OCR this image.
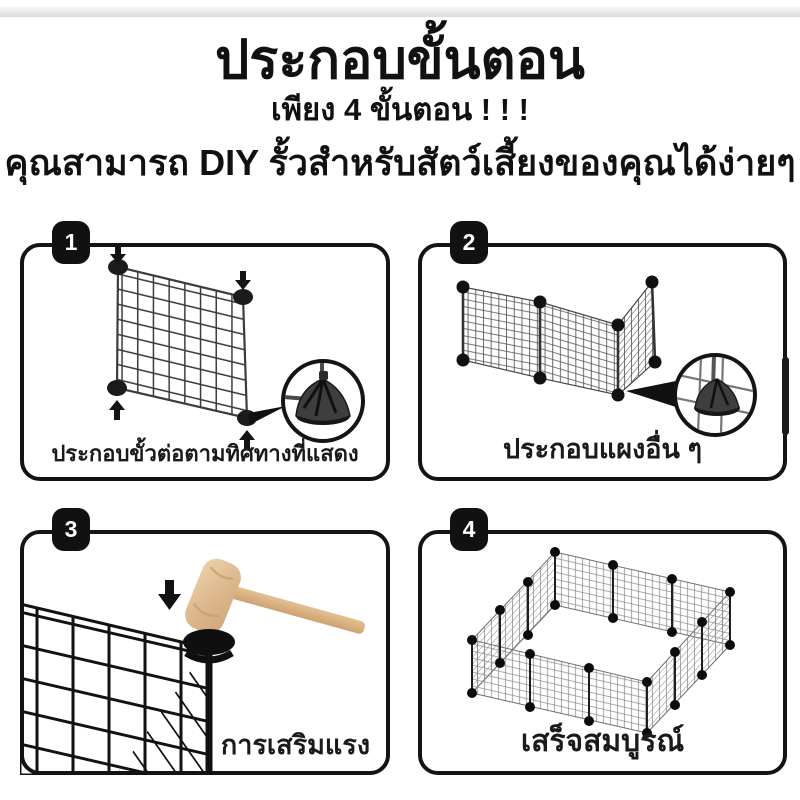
ประกอบขั้นตอน
เพียง 4 ขั้นตอน ! ! !
คุณสามารถ DIY รั้วสำหรับสัตว์เสี้ยงของคุณได้ง่ายๆ
1
ประกอบขั้วต่อตามทิศทางที่แสดง
2
ประกอบแผงอื่น ๆ
3
การเสริมแรง
4
เสร็จสมบูรณ์
